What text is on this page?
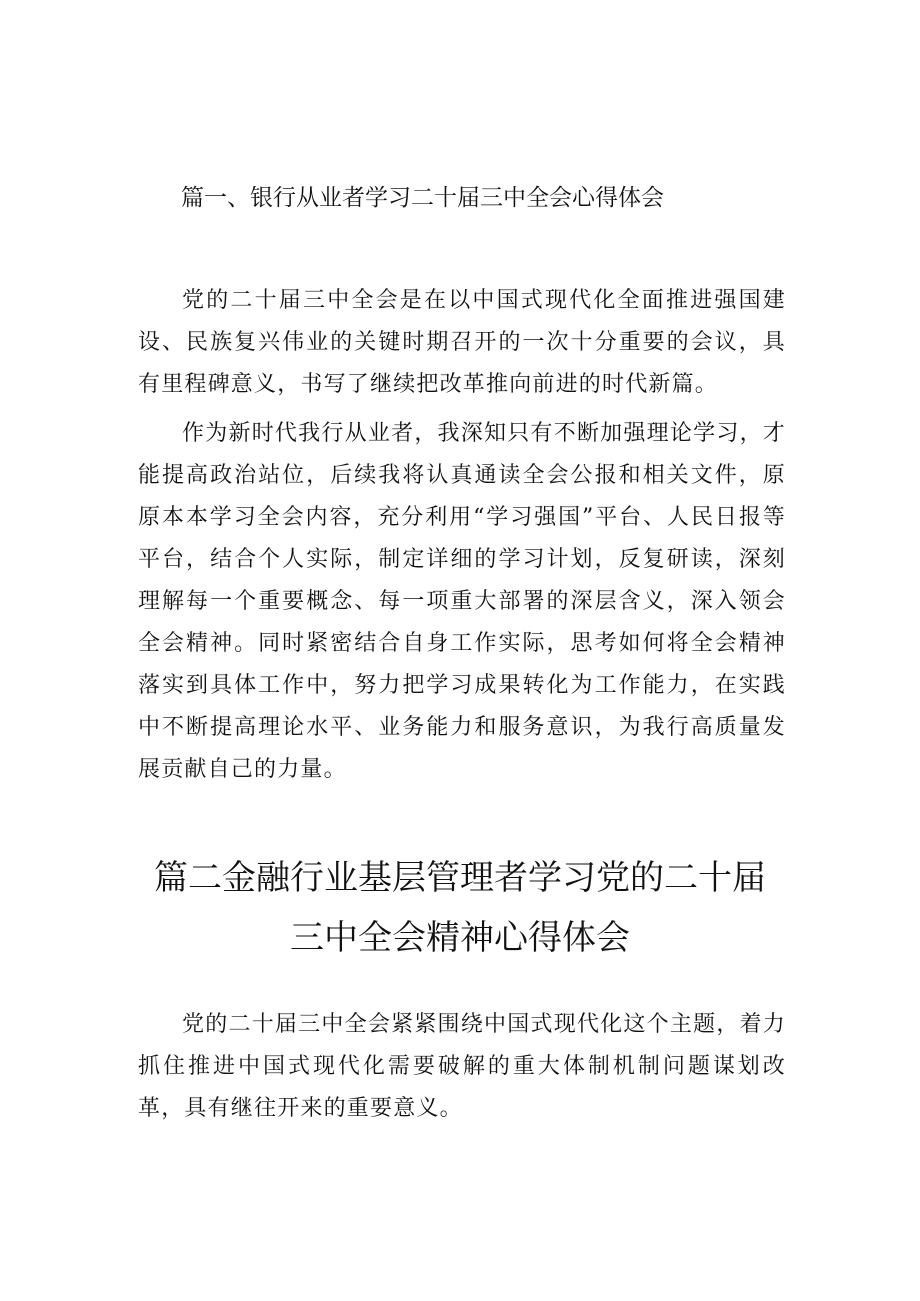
篇一、银行从业者学习二十届三中全会心得体会

党的二十届三中全会是在以中国式现代化全面推进强国建设、民族复兴伟业的关键时期召开的一次十分重要的会议，具有里程碑意义，书写了继续把改革推向前进的时代新篇。

作为新时代我行从业者，我深知只有不断加强理论学习，才能提高政治站位，后续我将认真通读全会公报和相关文件，原原本本学习全会内容，充分利用“学习强国”平台、人民日报等平台，结合个人实际，制定详细的学习计划，反复研读，深刻理解每一个重要概念、每一项重大部署的深层含义，深入领会全会精神。同时紧密结合自身工作实际，思考如何将全会精神落实到具体工作中，努力把学习成果转化为工作能力，在实践中不断提高理论水平、业务能力和服务意识，为我行高质量发展贡献自己的力量。

篇二金融行业基层管理者学习党的二十届
三中全会精神心得体会

党的二十届三中全会紧紧围绕中国式现代化这个主题，着力抓住推进中国式现代化需要破解的重大体制机制问题谋划改革，具有继往开来的重要意义。
